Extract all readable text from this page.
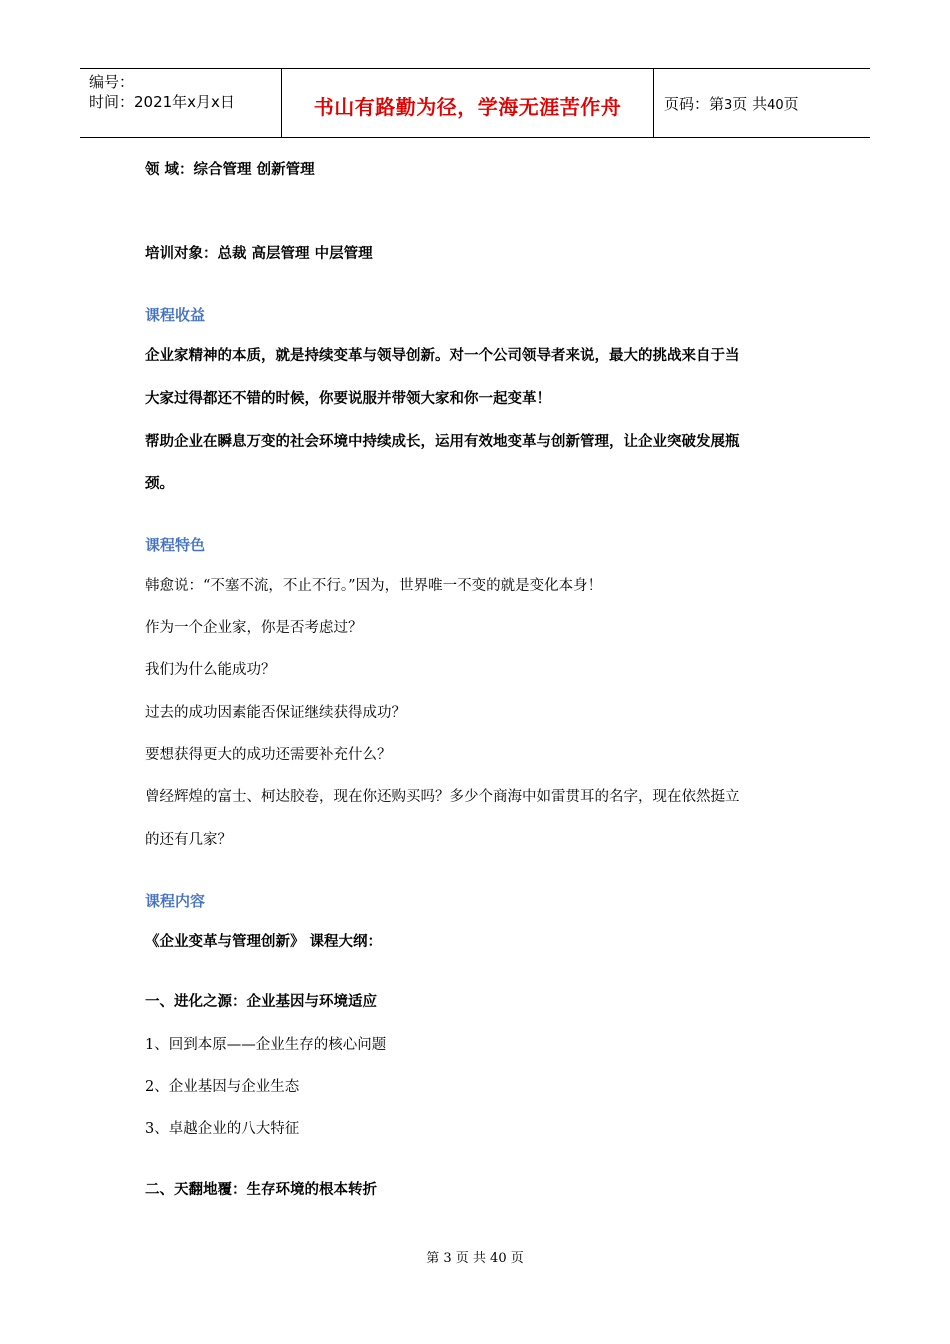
编号：
时间：2021年x月x日	书山有路勤为径，学海无涯苦作舟	页码：第3页 共40页
领 域：综合管理 创新管理
培训对象：总裁 高层管理 中层管理
课程收益
企业家精神的本质，就是持续变革与领导创新。对一个公司领导者来说，最大的挑战来自于当
大家过得都还不错的时候，你要说服并带领大家和你一起变革！
帮助企业在瞬息万变的社会环境中持续成长，运用有效地变革与创新管理，让企业突破发展瓶
颈。
课程特色
韩愈说：“不塞不流，不止不行。”因为，世界唯一不变的就是变化本身！
作为一个企业家，你是否考虑过？
我们为什么能成功？
过去的成功因素能否保证继续获得成功？
要想获得更大的成功还需要补充什么？
曾经辉煌的富士、柯达胶卷，现在你还购买吗？多少个商海中如雷贯耳的名字，现在依然挺立
的还有几家？
课程内容
《企业变革与管理创新》 课程大纲：
一、进化之源：企业基因与环境适应
1、回到本原——企业生存的核心问题
2、企业基因与企业生态
3、卓越企业的八大特征
二、天翻地覆：生存环境的根本转折
第 3 页 共 40 页
